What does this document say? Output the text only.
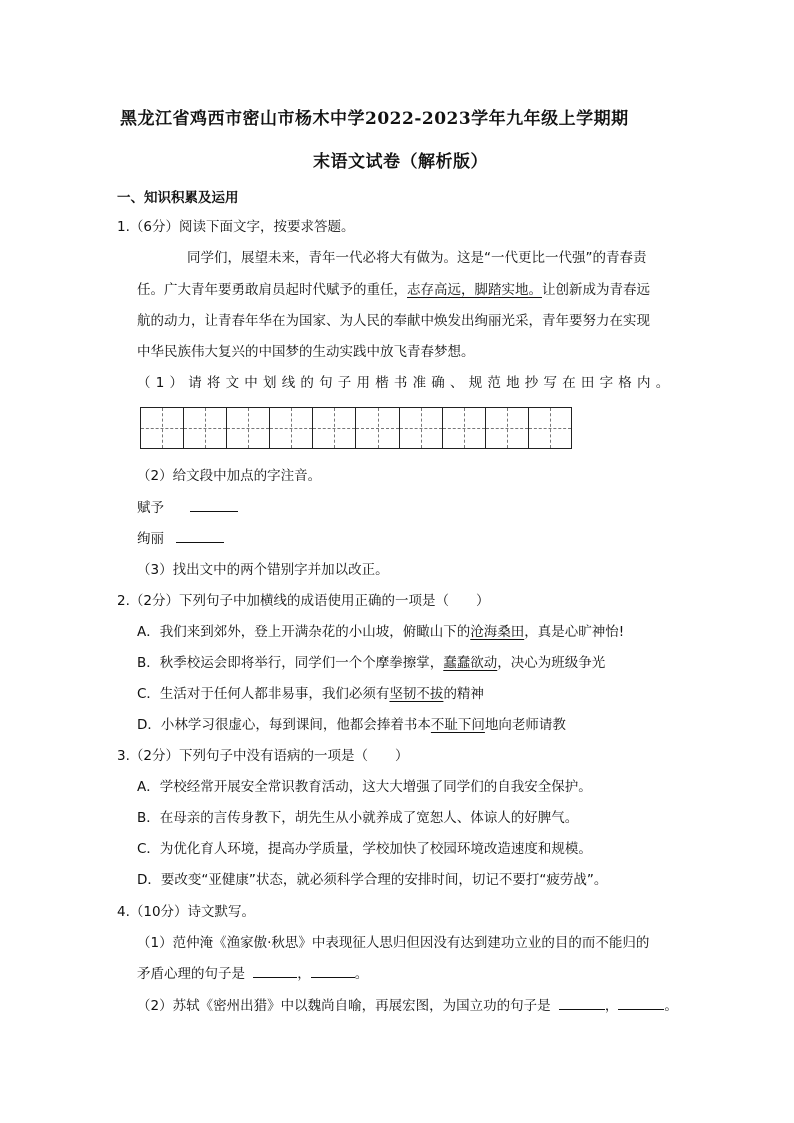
黑龙江省鸡西市密山市杨木中学2022-2023学年九年级上学期期
末语文试卷（解析版）
一、知识积累及运用
1.（6分）阅读下面文字，按要求答题。
同学们，展望未来，青年一代必将大有做为。这是“一代更比一代强”的青春责
任。广大青年要勇敢肩员起时代赋予的重任，志存高远，脚踏实地。让创新成为青春远
航的动力，让青春年华在为国家、为人民的奉献中焕发出绚丽光采，青年要努力在实现
中华民族伟大复兴的中国梦的生动实践中放飞青春梦想。
（1）请将文中划线的句子用楷书准确、规范地抄写在田字格内。
（2）给文段中加点的字注音。
赋予
绚丽
（3）找出文中的两个错别字并加以改正。
2.（2分）下列句子中加横线的成语使用正确的一项是（　　）
A．我们来到郊外，登上开满杂花的小山坡，俯瞰山下的沧海桑田，真是心旷神怡!
B．秋季校运会即将举行，同学们一个个摩拳擦掌，蠢蠢欲动，决心为班级争光
C．生活对于任何人都非易事，我们必须有坚韧不拔的精神
D．小林学习很虚心，每到课间，他都会捧着书本不耻下问地向老师请教
3.（2分）下列句子中没有语病的一项是（　　）
A．学校经常开展安全常识教育活动，这大大增强了同学们的自我安全保护。
B．在母亲的言传身教下，胡先生从小就养成了宽恕人、体谅人的好脾气。
C．为优化育人环境，提高办学质量，学校加快了校园环境改造速度和规模。
D．要改变“亚健康”状态，就必须科学合理的安排时间，切记不要打“疲劳战”。
4.（10分）诗文默写。
（1）范仲淹《渔家傲·秋思》中表现征人思归但因没有达到建功立业的目的而不能归的
矛盾心理的句子是	，	。
（2）苏轼《密州出猎》中以魏尚自喻，再展宏图，为国立功的句子是	，	。
